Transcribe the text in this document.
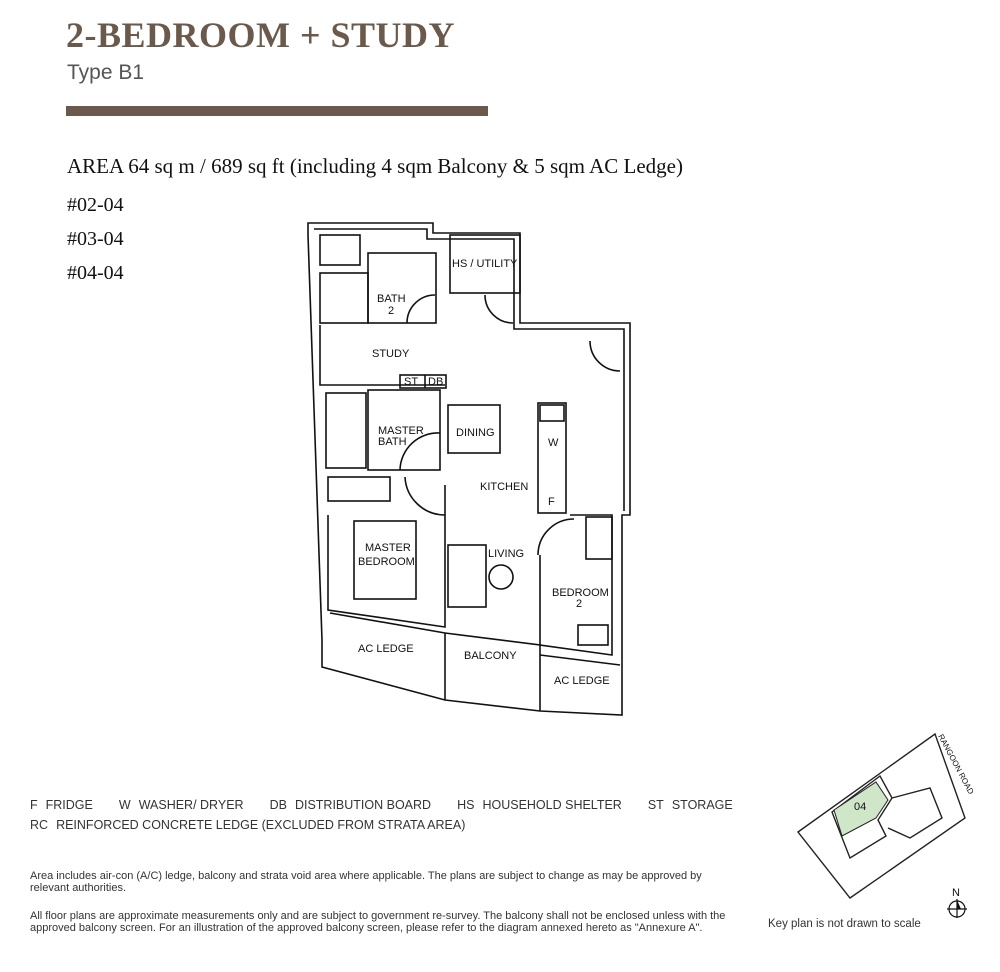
2-BEDROOM + STUDY
Type B1
AREA 64 sq m / 689 sq ft (including 4 sqm Balcony & 5 sqm AC Ledge)
#02-04
#03-04
#04-04	HS / UTILITY
BATH
2
STUDY
ST DB
MASTER
BATH
DINING
W
KITCHEN
F
MASTER
BEDROOM
LIVING
BEDROOM
2
AC LEDGE
BALCONY
AC LEDGE
F FRIDGE W WASHER/ DRYER DB DISTRIBUTION BOARD HS HOUSEHOLD SHELTER ST STORAGE
RC REINFORCED CONCRETE LEDGE (EXCLUDED FROM STRATA AREA)
Area includes air-con (A/C) ledge, balcony and strata void area where applicable. The plans are subject to change as may be approved by relevant authorities.
All floor plans are approximate measurements only and are subject to government re-survey. The balcony shall not be enclosed unless with the approved balcony screen. For an illustration of the approved balcony screen, please refer to the diagram annexed hereto as "Annexure A".
04
RANGOON ROAD
N
Key plan is not drawn to scale
